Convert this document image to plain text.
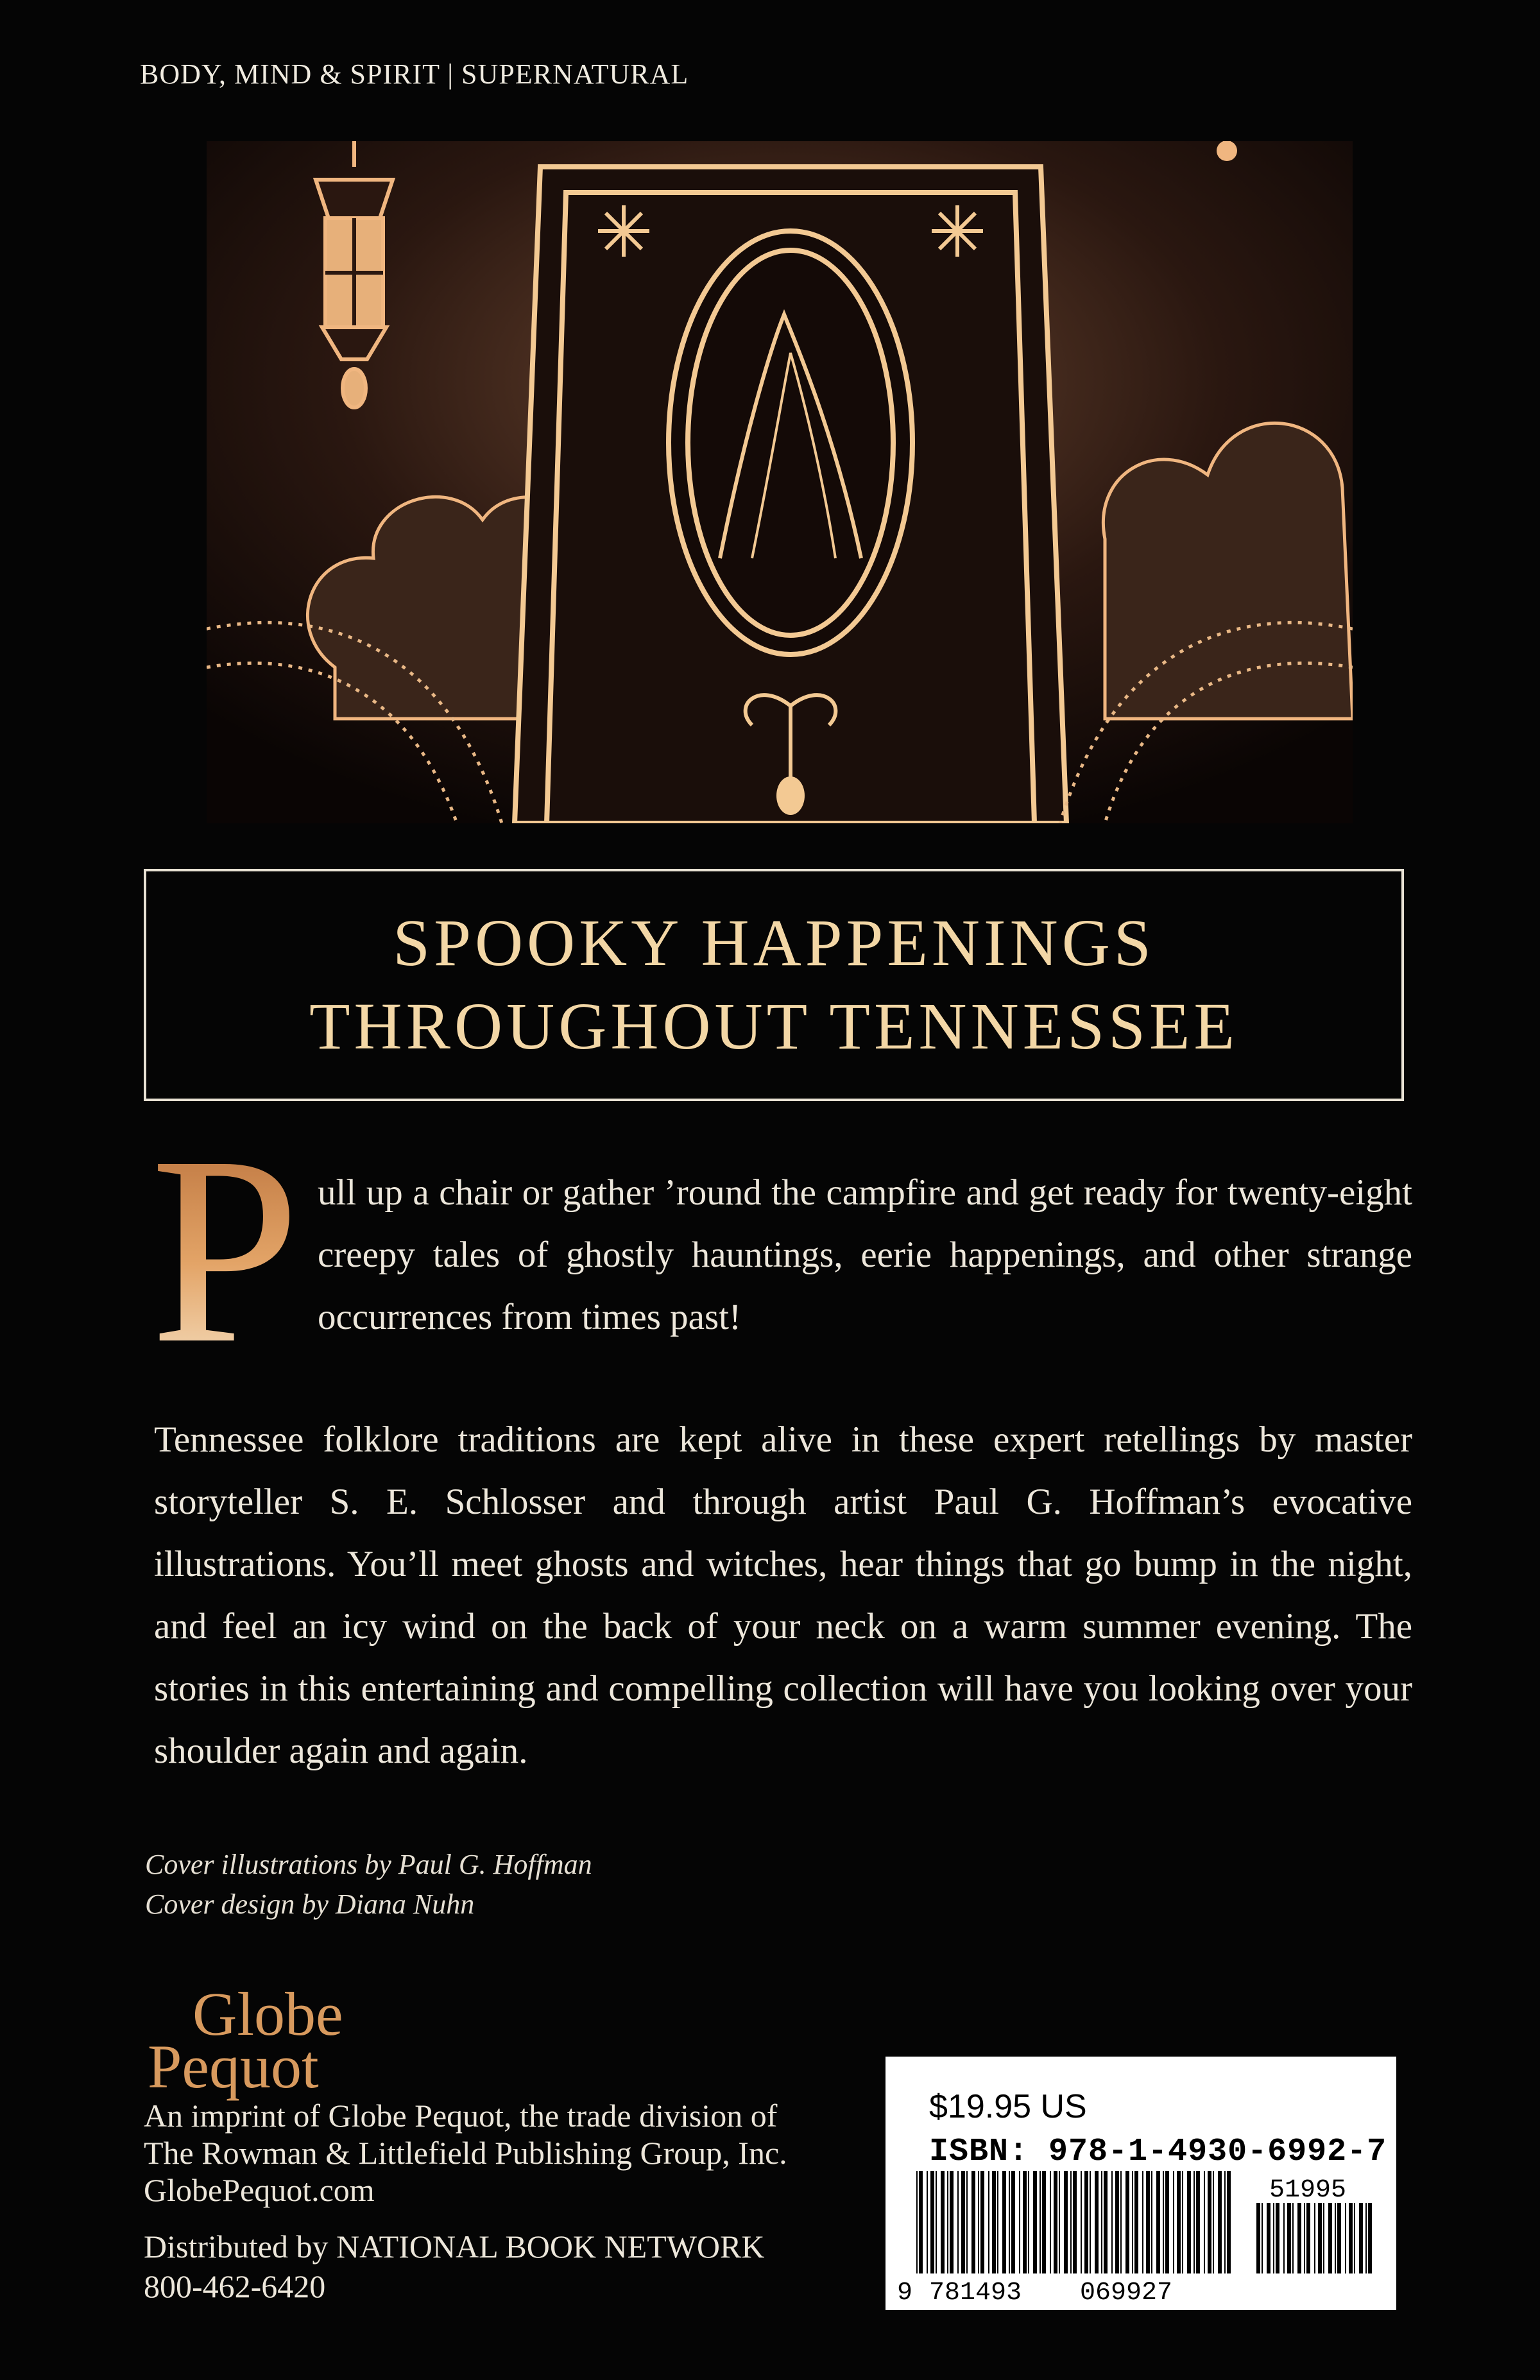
BODY, MIND & SPIRIT | SUPERNATURAL
SPOOKY HAPPENINGS
THROUGHOUT TENNESSEE
P ull up a chair or gather ’round the campfire and get ready for twenty-eight creepy tales of ghostly hauntings, eerie happenings, and other strange occurrences from times past!
Tennessee folklore traditions are kept alive in these expert retellings by master storyteller S. E. Schlosser and through artist Paul G. Hoffman’s evocative illustrations. You’ll meet ghosts and witches, hear things that go bump in the night, and feel an icy wind on the back of your neck on a warm summer evening. The stories in this entertaining and compelling collection will have you looking over your shoulder again and again.
Cover illustrations by Paul G. Hoffman
Cover design by Diana Nuhn
Globe
Pequot
An imprint of Globe Pequot, the trade division of
The Rowman & Littlefield Publishing Group, Inc.
GlobePequot.com
Distributed by NATIONAL BOOK NETWORK
800-462-6420
$19.95 US
ISBN: 978-1-4930-6992-7
51995
9 781493 069927
